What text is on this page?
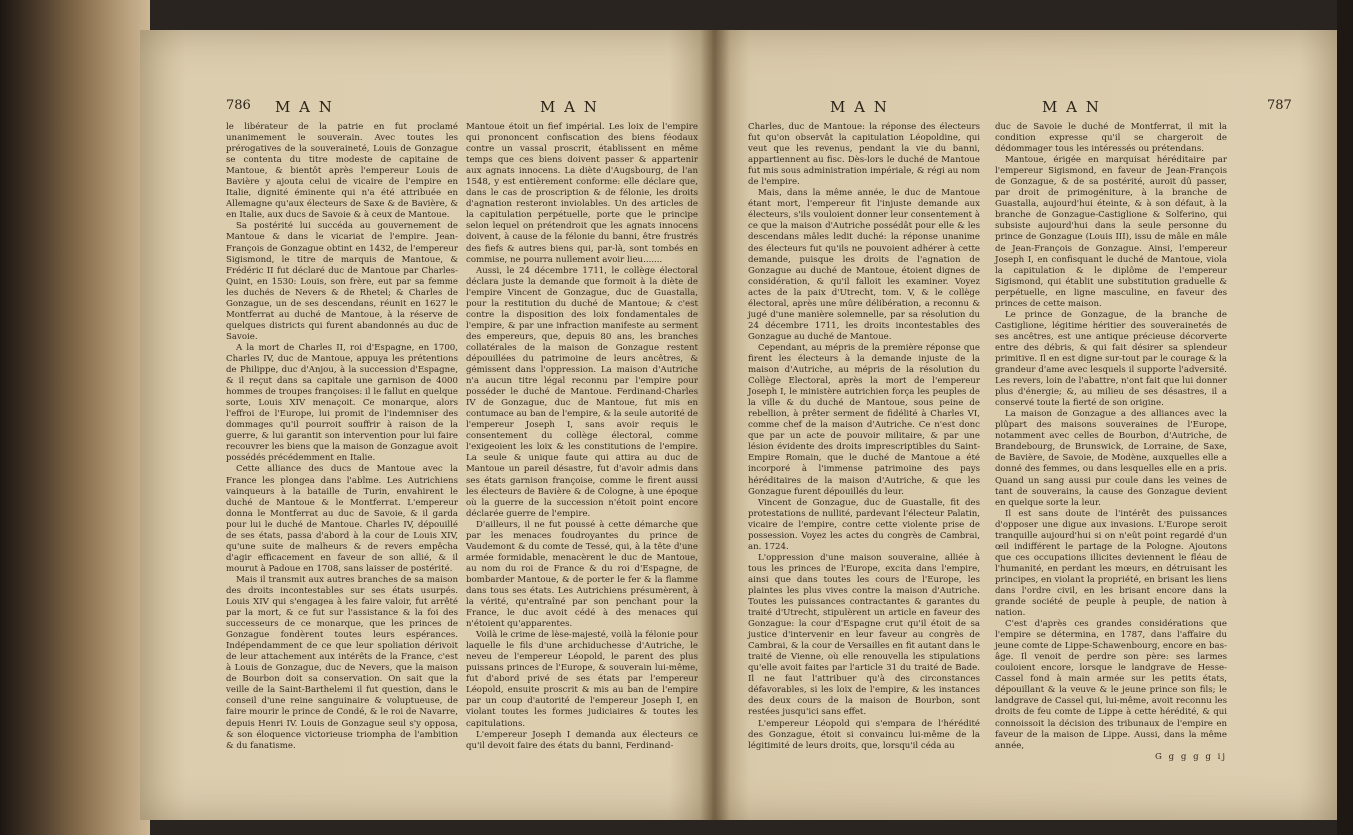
786 M A N	M A N

le libérateur de la patrie en fut proclamé unanimement le souverain. Avec toutes les prérogatives de la souveraineté, Louis de Gonzague se contenta du titre modeste de capitaine de Mantoue, & bientôt après l'empereur Louis de Bavière y ajouta celui de vicaire de l'empire en Italie, dignité éminente qui n'a été attribuée en Allemagne qu'aux électeurs de Saxe & de Bavière, & en Italie, aux ducs de Savoie & à ceux de Mantoue.

Sa postérité lui succéda au gouvernement de Mantoue & dans le vicariat de l'empire. Jean-François de Gonzague obtint en 1432, de l'empereur Sigismond, le titre de marquis de Mantoue, & Frédéric II fut déclaré duc de Mantoue par Charles-Quint, en 1530: Louis, son frère, eut par sa femme les duchés de Nevers & de Rhetel; & Charles de Gonzague, un de ses descendans, réunit en 1627 le Montferrat au duché de Mantoue, à la réserve de quelques districts qui furent abandonnés au duc de Savoie.

A la mort de Charles II, roi d'Espagne, en 1700, Charles IV, duc de Mantoue, appuya les prétentions de Philippe, duc d'Anjou, à la succession d'Espagne, & il reçut dans sa capitale une garnison de 4000 hommes de troupes françoises: il le fallut en quelque sorte, Louis XIV menaçoit. Ce monarque, alors l'effroi de l'Europe, lui promit de l'indemniser des dommages qu'il pourroit souffrir à raison de la guerre, & lui garantit son intervention pour lui faire recouvrer les biens que la maison de Gonzague avoit possédés précédemment en Italie.

Cette alliance des ducs de Mantoue avec la France les plongea dans l'abîme. Les Autrichiens vainqueurs à la bataille de Turin, envahirent le duché de Mantoue & le Montferrat. L'empereur donna le Montferrat au duc de Savoie, & il garda pour lui le duché de Mantoue. Charles IV, dépouillé de ses états, passa d'abord à la cour de Louis XIV, qu'une suite de malheurs & de revers empêcha d'agir efficacement en faveur de son allié, & il mourut à Padoue en 1708, sans laisser de postérité.

Mais il transmit aux autres branches de sa maison des droits incontestables sur ses états usurpés. Louis XIV qui s'engagea à les faire valoir, fut arrêté par la mort, & ce fut sur l'assistance & la foi des successeurs de ce monarque, que les princes de Gonzague fondèrent toutes leurs espérances. Indépendamment de ce que leur spoliation dérivoit de leur attachement aux intérêts de la France, c'est à Louis de Gonzague, duc de Nevers, que la maison de Bourbon doit sa conservation. On sait que la veille de la Saint-Barthelemi il fut question, dans le conseil d'une reine sanguinaire & voluptueuse, de faire mourir le prince de Condé, & le roi de Navarre, depuis Henri IV. Louis de Gonzague seul s'y opposa, & son éloquence victorieuse triompha de l'ambition & du fanatisme.

Mantoue étoit un fief impérial. Les loix de l'empire qui prononcent confiscation des biens féodaux contre un vassal proscrit, établissent en même temps que ces biens doivent passer & appartenir aux agnats innocens. La diète d'Augsbourg, de l'an 1548, y est entièrement conforme: elle déclare que, dans le cas de proscription & de félonie, les droits d'agnation resteront inviolables. Un des articles de la capitulation perpétuelle, porte que le principe selon lequel on prétendroit que les agnats innocens doivent, à cause de la félonie du banni, être frustrés des fiefs & autres biens qui, par-là, sont tombés en commise, ne pourra nullement avoir lieu.......

Aussi, le 24 décembre 1711, le collège électoral déclara juste la demande que formoit à la diète de l'empire Vincent de Gonzague, duc de Guastalla, pour la restitution du duché de Mantoue; & c'est contre la disposition des loix fondamentales de l'empire, & par une infraction manifeste au serment des empereurs, que, depuis 80 ans, les branches collatérales de la maison de Gonzague restent dépouillées du patrimoine de leurs ancêtres, & gémissent dans l'oppression. La maison d'Autriche n'a aucun titre légal reconnu par l'empire pour posséder le duché de Mantoue. Ferdinand-Charles IV de Gonzague, duc de Mantoue, fut mis en contumace au ban de l'empire, & la seule autorité de l'empereur Joseph I, sans avoir requis le consentement du collège électoral, comme l'exigeoient les loix & les constitutions de l'empire. La seule & unique faute qui attira au duc de Mantoue un pareil désastre, fut d'avoir admis dans ses états garnison françoise, comme le firent aussi les électeurs de Bavière & de Cologne, à une époque où la guerre de la succession n'étoit point encore déclarée guerre de l'empire.

D'ailleurs, il ne fut poussé à cette démarche que par les menaces foudroyantes du prince de Vaudemont & du comte de Tessé, qui, à la tête d'une armée formidable, menacèrent le duc de Mantoue, au nom du roi de France & du roi d'Espagne, de bombarder Mantoue, & de porter le fer & la flamme dans tous ses états. Les Autrichiens présumèrent, à la vérité, qu'entraîné par son penchant pour la France, le duc avoit cédé à des menaces qui n'étoient qu'apparentes.

Voilà le crime de lèse-majesté, voilà la félonie pour laquelle le fils d'une archiduchesse d'Autriche, le neveu de l'empereur Léopold, le parent des plus puissans princes de l'Europe, & souverain lui-même, fut d'abord privé de ses états par l'empereur Léopold, ensuite proscrit & mis au ban de l'empire par un coup d'autorité de l'empereur Joseph I, en violant toutes les formes judiciaires & toutes les capitulations.

L'empereur Joseph I demanda aux électeurs ce qu'il devoit faire des états du banni, Ferdinand-

M A N	M A N	787

Charles, duc de Mantoue: la réponse des électeurs fut qu'on observât la capitulation Léopoldine, qui veut que les revenus, pendant la vie du banni, appartiennent au fisc. Dès-lors le duché de Mantoue fut mis sous administration impériale, & régi au nom de l'empire.

Mais, dans la même année, le duc de Mantoue étant mort, l'empereur fit l'injuste demande aux électeurs, s'ils vouloient donner leur consentement à ce que la maison d'Autriche possédât pour elle & les descendans mâles ledit duché: la réponse unanime des électeurs fut qu'ils ne pouvoient adhérer à cette demande, puisque les droits de l'agnation de Gonzague au duché de Mantoue, étoient dignes de considération, & qu'il falloit les examiner. Voyez actes de la paix d'Utrecht, tom. V, & le collège électoral, après une mûre délibération, a reconnu & jugé d'une manière solemnelle, par sa résolution du 24 décembre 1711, les droits incontestables des Gonzague au duché de Mantoue.

Cependant, au mépris de la première réponse que firent les électeurs à la demande injuste de la maison d'Autriche, au mépris de la résolution du Collège Electoral, après la mort de l'empereur Joseph I, le ministère autrichien força les peuples de la ville & du duché de Mantoue, sous peine de rebellion, à prêter serment de fidélité à Charles VI, comme chef de la maison d'Autriche. Ce n'est donc que par un acte de pouvoir militaire, & par une lésion évidente des droits imprescriptibles du Saint-Empire Romain, que le duché de Mantoue a été incorporé à l'immense patrimoine des pays héréditaires de la maison d'Autriche, & que les Gonzague furent dépouillés du leur.

Vincent de Gonzague, duc de Guastalle, fit des protestations de nullité, pardevant l'électeur Palatin, vicaire de l'empire, contre cette violente prise de possession. Voyez les actes du congrès de Cambrai, an. 1724.

L'oppression d'une maison souveraine, alliée à tous les princes de l'Europe, excita dans l'empire, ainsi que dans toutes les cours de l'Europe, les plaintes les plus vives contre la maison d'Autriche. Toutes les puissances contractantes & garantes du traité d'Utrecht, stipulèrent un article en faveur des Gonzague: la cour d'Espagne crut qu'il étoit de sa justice d'intervenir en leur faveur au congrès de Cambrai, & la cour de Versailles en fit autant dans le traité de Vienne, où elle renouvella les stipulations qu'elle avoit faites par l'article 31 du traité de Bade. Il ne faut l'attribuer qu'à des circonstances défavorables, si les loix de l'empire, & les instances des deux cours de la maison de Bourbon, sont restées jusqu'ici sans effet.

L'empereur Léopold qui s'empara de l'hérédité des Gonzague, étoit si convaincu lui-même de la légitimité de leurs droits, que, lorsqu'il céda au

duc de Savoie le duché de Montferrat, il mit la condition expresse qu'il se chargeroit de dédommager tous les intéressés ou prétendans.

Mantoue, érigée en marquisat héréditaire par l'empereur Sigismond, en faveur de Jean-François de Gonzague, & de sa postérité, auroit dû passer, par droit de primogéniture, à la branche de Guastalla, aujourd'hui éteinte, & à son défaut, à la branche de Gonzague-Castiglione & Solferino, qui subsiste aujourd'hui dans la seule personne du prince de Gonzague (Louis III), issu de mâle en mâle de Jean-François de Gonzague. Ainsi, l'empereur Joseph I, en confisquant le duché de Mantoue, viola la capitulation & le diplôme de l'empereur Sigismond, qui établit une substitution graduelle & perpétuelle, en ligne masculine, en faveur des princes de cette maison.

Le prince de Gonzague, de la branche de Castiglione, légitime héritier des souverainetés de ses ancêtres, est une antique précieuse décorverte entre des débris, & qui fait désirer sa splendeur primitive. Il en est digne sur-tout par le courage & la grandeur d'ame avec lesquels il supporte l'adversité. Les revers, loin de l'abattre, n'ont fait que lui donner plus d'énergie; &, au milieu de ses désastres, il a conservé toute la fierté de son origine.

La maison de Gonzague a des alliances avec la plûpart des maisons souveraines de l'Europe, notamment avec celles de Bourbon, d'Autriche, de Brandebourg, de Brunswick, de Lorraine, de Saxe, de Bavière, de Savoie, de Modène, auxquelles elle a donné des femmes, ou dans lesquelles elle en a pris. Quand un sang aussi pur coule dans les veines de tant de souverains, la cause des Gonzague devient en quelque sorte la leur.

Il est sans doute de l'intérêt des puissances d'opposer une digue aux invasions. L'Europe seroit tranquille aujourd'hui si on n'eût point regardé d'un œil indifférent le partage de la Pologne. Ajoutons que ces occupations illicites deviennent le fléau de l'humanité, en perdant les mœurs, en détruisant les principes, en violant la propriété, en brisant les liens dans l'ordre civil, en les brisant encore dans la grande société de peuple à peuple, de nation à nation.

C'est d'après ces grandes considérations que l'empire se détermina, en 1787, dans l'affaire du jeune comte de Lippe-Schawenbourg, encore en bas-âge. Il venoit de perdre son père: ses larmes couloient encore, lorsque le landgrave de Hesse-Cassel fond à main armée sur les petits états, dépouillant & la veuve & le jeune prince son fils; le landgrave de Cassel qui, lui-même, avoit reconnu les droits de feu comte de Lippe à cette hérédité, & qui connoissoit la décision des tribunaux de l'empire en faveur de la maison de Lippe. Aussi, dans la même année,

G g g g g ij
